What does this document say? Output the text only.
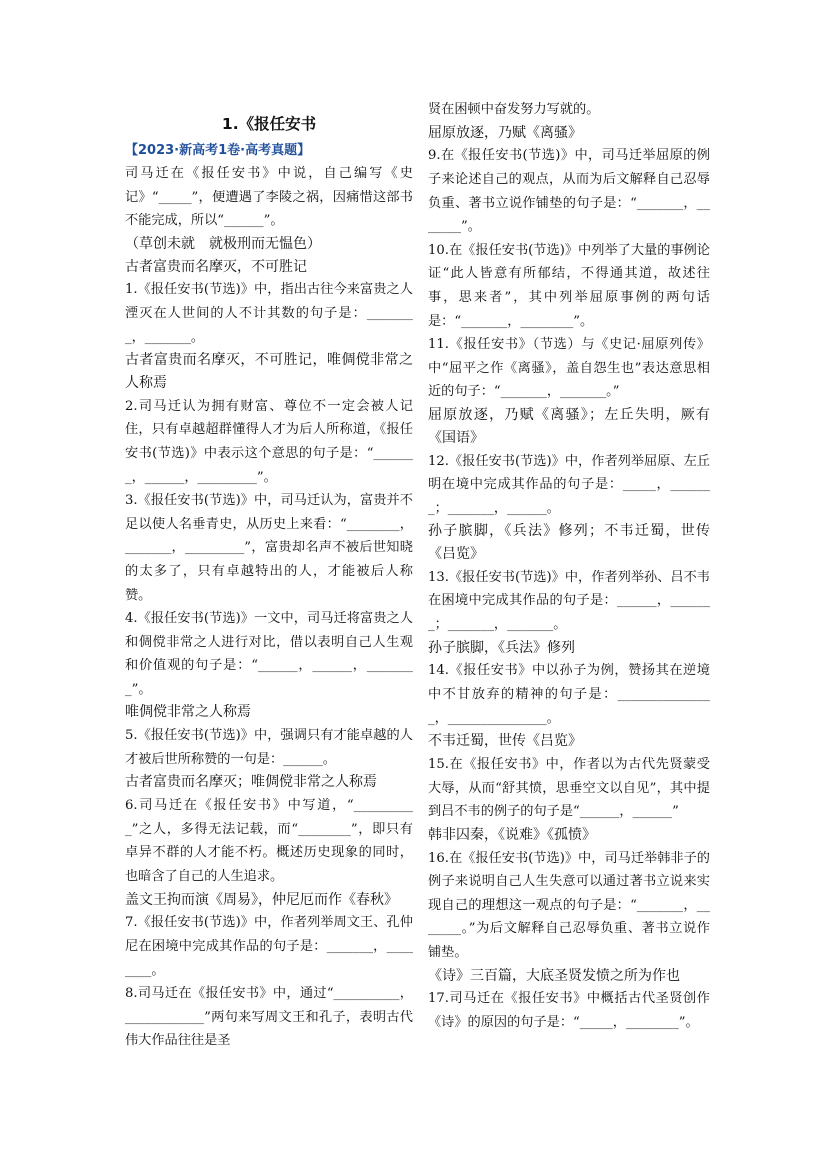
1.《报任安书
【2023·新高考1卷·高考真题】
司马迁在《报任安书》中说，自己编写《史记》“_____”，便遭遇了李陵之祸，因痛惜这部书不能完成，所以“______”。
（草创未就　就极刑而无愠色）
古者富贵而名摩灭，不可胜记
1.《报任安书(节选)》中，指出古往今来富贵之人湮灭在人世间的人不计其数的句子是：________，_______。
古者富贵而名摩灭，不可胜记，唯倜傥非常之人称焉
2.司马迁认为拥有财富、尊位不一定会被人记住，只有卓越超群懂得人才为后人所称道，《报任安书(节选)》中表示这个意思的句子是：“_______，______，_________”。
3.《报任安书(节选)》中，司马迁认为，富贵并不足以使人名垂青史，从历史上来看：“________，_______，_________”，富贵却名声不被后世知晓的太多了，只有卓越特出的人，才能被后人称赞。
4.《报任安书(节选)》一文中，司马迁将富贵之人和倜傥非常之人进行对比，借以表明自己人生观和价值观的句子是：“______，______，________”。
唯倜傥非常之人称焉
5.《报任安书(节选)》中，强调只有才能卓越的人才被后世所称赞的一句是：______。
古者富贵而名摩灭；唯倜傥非常之人称焉
6.司马迁在《报任安书》中写道，“__________”之人，多得无法记载，而“________”，即只有卓异不群的人才能不朽。概述历史现象的同时，也暗含了自己的人生追求。
盖文王拘而演《周易》，仲尼厄而作《春秋》
7.《报任安书(节选)》中，作者列举周文王、孔仲尼在困境中完成其作品的句子是：_______，________。
8.司马迁在《报任安书》中，通过“__________，____________”两句来写周文王和孔子，表明古代伟大作品往往是圣
贤在困顿中奋发努力写就的。
屈原放逐，乃赋《离骚》
9.在《报任安书(节选)》中，司马迁举屈原的例子来论述自己的观点，从而为后文解释自己忍辱负重、著书立说作铺垫的句子是：“_______，_______”。
10.在《报任安书(节选)》中列举了大量的事例论证“此人皆意有所郁结，不得通其道，故述往事，思来者”，其中列举屈原事例的两句话是：“_______，________”。
11.《报任安书》（节选）与《史记·屈原列传》中“屈平之作《离骚》，盖自怨生也”表达意思相近的句子：“_______，_______。”
屈原放逐，乃赋《离骚》；左丘失明，厥有《国语》
12.《报任安书(节选)》中，作者列举屈原、左丘明在境中完成其作品的句子是：_____，_______；_______，______。
孙子膑脚，《兵法》修列；不韦迁蜀，世传《吕览》
13.《报任安书(节选)》中，作者列举孙、吕不韦在困境中完成其作品的句子是：______，_______；_______，_______。
孙子膑脚，《兵法》修列
14.《报任安书》中以孙子为例，赞扬其在逆境中不甘放弃的精神的句子是：_______________，_______________。
不韦迁蜀，世传《吕览》
15.在《报任安书》中，作者以为古代先贤蒙受大辱，从而“舒其愤，思垂空文以自见”，其中提到吕不韦的例子的句子是“______，______”
韩非囚秦，《说难》《孤愤》
16.在《报任安书(节选)》中，司马迁举韩非子的例子来说明自己人生失意可以通过著书立说来实现自己的理想这一观点的句子是：“_______，_______。”为后文解释自己忍辱负重、著书立说作铺垫。
《诗》三百篇，大底圣贤发愤之所为作也
17.司马迁在《报任安书》中概括古代圣贤创作《诗》的原因的句子是：“_____，________”。
